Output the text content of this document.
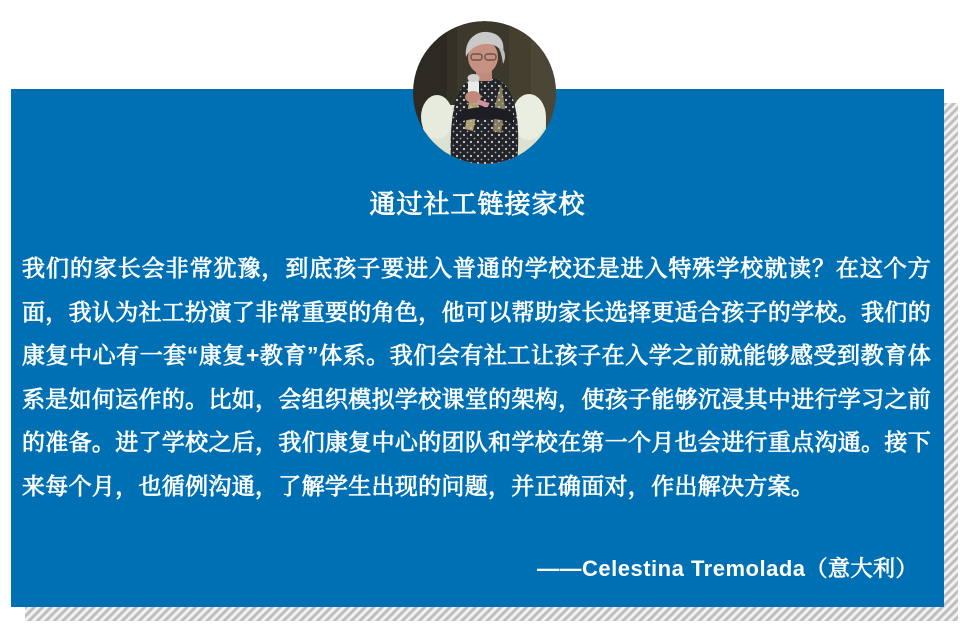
通过社工链接家校
我们的家长会非常犹豫，到底孩子要进入普通的学校还是进入特殊学校就读？在这个方面，我认为社工扮演了非常重要的角色，他可以帮助家长选择更适合孩子的学校。我们的康复中心有一套“康复+教育”体系。我们会有社工让孩子在入学之前就能够感受到教育体系是如何运作的。比如，会组织模拟学校课堂的架构，使孩子能够沉浸其中进行学习之前的准备。进了学校之后，我们康复中心的团队和学校在第一个月也会进行重点沟通。接下来每个月，也循例沟通，了解学生出现的问题，并正确面对，作出解决方案。
——Celestina Tremolada（意大利）
